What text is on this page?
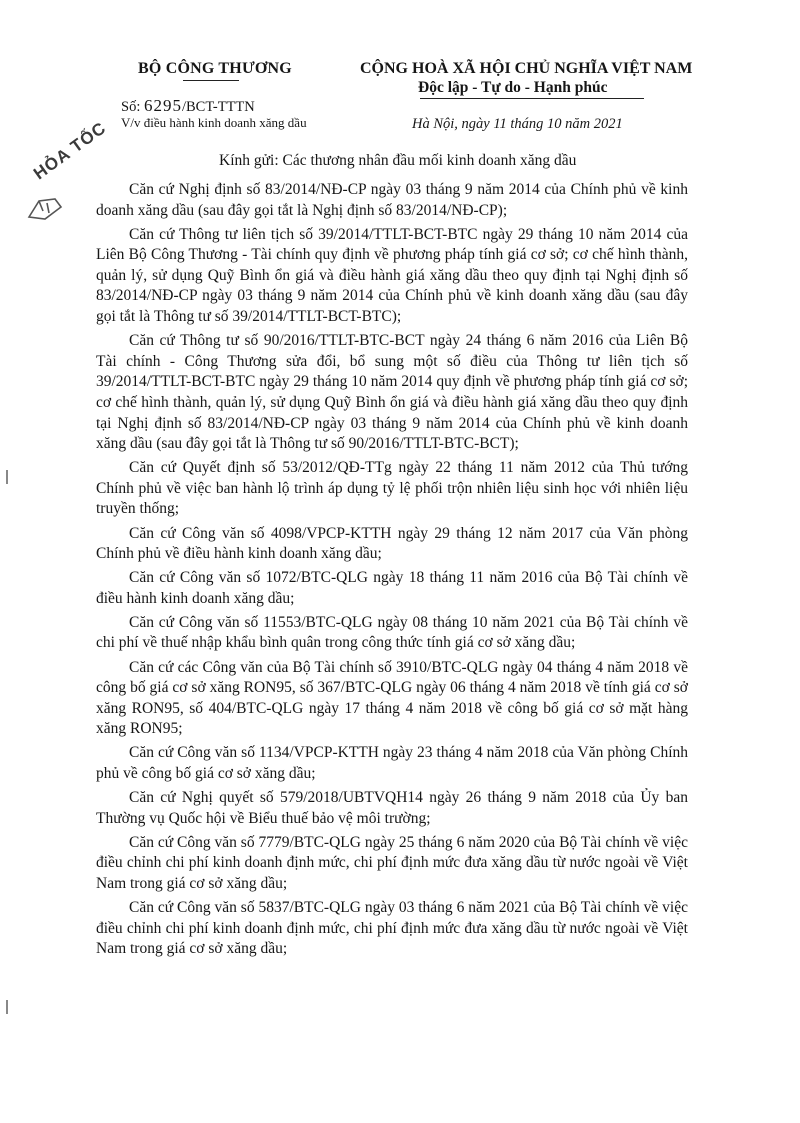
BỘ CÔNG THƯƠNG
Số: 6295/BCT-TTTN
V/v điều hành kinh doanh xăng dầu
CỘNG HOÀ XÃ HỘI CHỦ NGHĨA VIỆT NAM
Độc lập - Tự do - Hạnh phúc
Hà Nội, ngày 11 tháng 10 năm 2021
Kính gửi: Các thương nhân đầu mối kinh doanh xăng dầu
HỎA TỐC

Căn cứ Nghị định số 83/2014/NĐ-CP ngày 03 tháng 9 năm 2014 của Chính phủ về kinh doanh xăng dầu (sau đây gọi tắt là Nghị định số 83/2014/NĐ-CP);

Căn cứ Thông tư liên tịch số 39/2014/TTLT-BCT-BTC ngày 29 tháng 10 năm 2014 của Liên Bộ Công Thương - Tài chính quy định về phương pháp tính giá cơ sở; cơ chế hình thành, quản lý, sử dụng Quỹ Bình ổn giá và điều hành giá xăng dầu theo quy định tại Nghị định số 83/2014/NĐ-CP ngày 03 tháng 9 năm 2014 của Chính phủ về kinh doanh xăng dầu (sau đây gọi tắt là Thông tư số 39/2014/TTLT-BCT-BTC);

Căn cứ Thông tư số 90/2016/TTLT-BTC-BCT ngày 24 tháng 6 năm 2016 của Liên Bộ Tài chính - Công Thương sửa đổi, bổ sung một số điều của Thông tư liên tịch số 39/2014/TTLT-BCT-BTC ngày 29 tháng 10 năm 2014 quy định về phương pháp tính giá cơ sở; cơ chế hình thành, quản lý, sử dụng Quỹ Bình ổn giá và điều hành giá xăng dầu theo quy định tại Nghị định số 83/2014/NĐ-CP ngày 03 tháng 9 năm 2014 của Chính phủ về kinh doanh xăng dầu (sau đây gọi tắt là Thông tư số 90/2016/TTLT-BTC-BCT);

Căn cứ Quyết định số 53/2012/QĐ-TTg ngày 22 tháng 11 năm 2012 của Thủ tướng Chính phủ về việc ban hành lộ trình áp dụng tỷ lệ phối trộn nhiên liệu sinh học với nhiên liệu truyền thống;

Căn cứ Công văn số 4098/VPCP-KTTH ngày 29 tháng 12 năm 2017 của Văn phòng Chính phủ về điều hành kinh doanh xăng dầu;

Căn cứ Công văn số 1072/BTC-QLG ngày 18 tháng 11 năm 2016 của Bộ Tài chính về điều hành kinh doanh xăng dầu;

Căn cứ Công văn số 11553/BTC-QLG ngày 08 tháng 10 năm 2021 của Bộ Tài chính về chi phí về thuế nhập khẩu bình quân trong công thức tính giá cơ sở xăng dầu;

Căn cứ các Công văn của Bộ Tài chính số 3910/BTC-QLG ngày 04 tháng 4 năm 2018 về công bố giá cơ sở xăng RON95, số 367/BTC-QLG ngày 06 tháng 4 năm 2018 về tính giá cơ sở xăng RON95, số 404/BTC-QLG ngày 17 tháng 4 năm 2018 về công bố giá cơ sở mặt hàng xăng RON95;

Căn cứ Công văn số 1134/VPCP-KTTH ngày 23 tháng 4 năm 2018 của Văn phòng Chính phủ về công bố giá cơ sở xăng dầu;

Căn cứ Nghị quyết số 579/2018/UBTVQH14 ngày 26 tháng 9 năm 2018 của Ủy ban Thường vụ Quốc hội về Biểu thuế bảo vệ môi trường;

Căn cứ Công văn số 7779/BTC-QLG ngày 25 tháng 6 năm 2020 của Bộ Tài chính về việc điều chỉnh chi phí kinh doanh định mức, chi phí định mức đưa xăng dầu từ nước ngoài về Việt Nam trong giá cơ sở xăng dầu;

Căn cứ Công văn số 5837/BTC-QLG ngày 03 tháng 6 năm 2021 của Bộ Tài chính về việc điều chỉnh chi phí kinh doanh định mức, chi phí định mức đưa xăng dầu từ nước ngoài về Việt Nam trong giá cơ sở xăng dầu;
